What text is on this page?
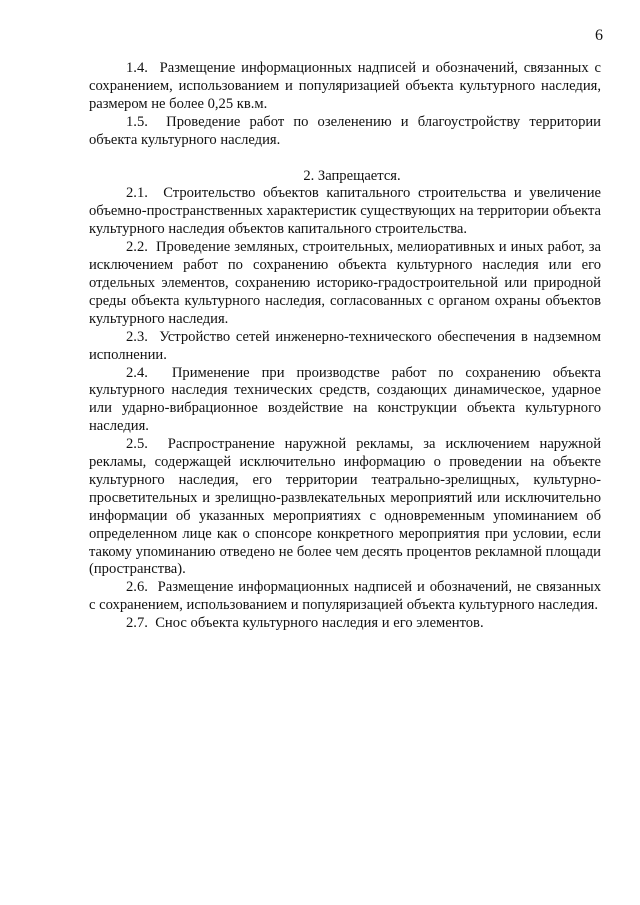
6

1.4. Размещение информационных надписей и обозначений, связанных с сохранением, использованием и популяризацией объекта культурного наследия, размером не более 0,25 кв.м.

1.5. Проведение работ по озеленению и благоустройству территории объекта культурного наследия.

2. Запрещается.

2.1. Строительство объектов капитального строительства и увеличение объемно-пространственных характеристик существующих на территории объекта культурного наследия объектов капитального строительства.

2.2. Проведение земляных, строительных, мелиоративных и иных работ, за исключением работ по сохранению объекта культурного наследия или его отдельных элементов, сохранению историко-градостроительной или природной среды объекта культурного наследия, согласованных с органом охраны объектов культурного наследия.

2.3. Устройство сетей инженерно-технического обеспечения в надземном исполнении.

2.4. Применение при производстве работ по сохранению объекта культурного наследия технических средств, создающих динамическое, ударное или ударно-вибрационное воздействие на конструкции объекта культурного наследия.

2.5. Распространение наружной рекламы, за исключением наружной рекламы, содержащей исключительно информацию о проведении на объекте культурного наследия, его территории театрально-зрелищных, культурно-просветительных и зрелищно-развлекательных мероприятий или исключительно информации об указанных мероприятиях с одновременным упоминанием об определенном лице как о спонсоре конкретного мероприятия при условии, если такому упоминанию отведено не более чем десять процентов рекламной площади (пространства).

2.6. Размещение информационных надписей и обозначений, не связанных с сохранением, использованием и популяризацией объекта культурного наследия.

2.7. Снос объекта культурного наследия и его элементов.
